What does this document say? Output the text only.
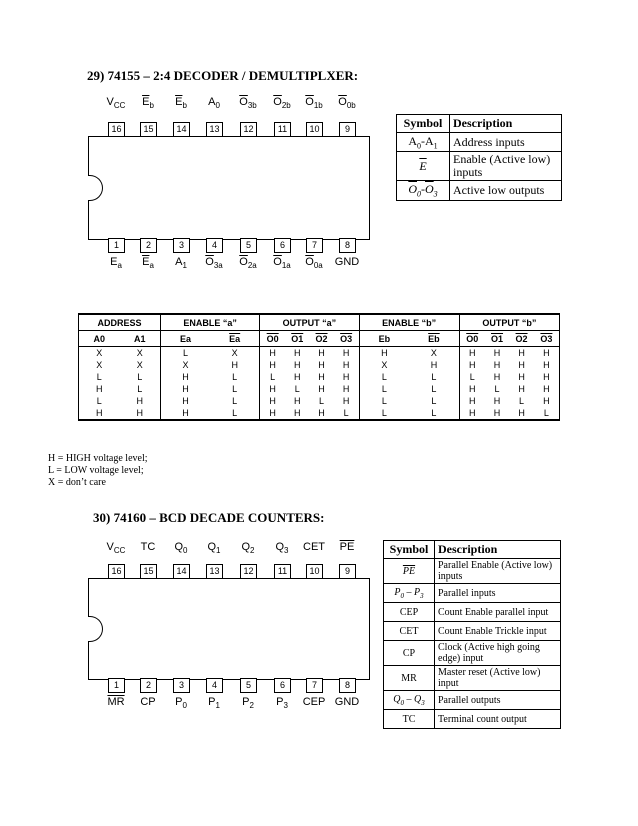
29) 74155 – 2:4 DECODER / DEMULTIPLXER:
16
$V_{CC}$
15
$\overline{E}_b$
14
$\overline{E}_b$
13
$A_0$
12
$\overline{O}_{3b}$
11
$\overline{O}_{2b}$
10
$\overline{O}_{1b}$
9
$\overline{O}_{0b}$
1
$E_a$
2
$\overline{E}_a$
3
$A_1$
4
$\overline{O}_{3a}$
5
$\overline{O}_{2a}$
6
$\overline{O}_{1a}$
7
$\overline{O}_{0a}$
8
GND
Symbol	Description
$A_0-A_1$	Address inputs
$\overline{E}$	Enable (Active low) inputs
$\overline{O}_0-\overline{O}_3$	Active low outputs
ADDRESS		ENABLE “a”		OUTPUT “a”				ENABLE “b”		OUTPUT “b”			
A0	A1	Ea	$\overline{Ea}$	O0	O1	O2	O3	Eb	$\overline{Eb}$	O0	O1	O2	O3
X	X	L	X	H	H	H	H	H	X	H	H	H	H
X	X	X	H	H	H	H	H	X	H	H	H	H	H
L	L	H	L	L	H	H	H	L	L	L	H	H	H
H	L	H	L	H	L	H	H	L	L	H	L	H	H
L	H	H	L	H	H	L	H	L	L	H	H	L	H
H	H	H	L	H	H	H	L	L	L	H	H	H	L
H = HIGH voltage level;
L = LOW voltage level;
X = don’t care
30) 74160 – BCD DECADE COUNTERS:
16
$V_{CC}$
15
TC
14
$Q_0$
13
$Q_1$
12
$Q_2$
11
$Q_3$
10
CET
9
$\overline{PE}$
1
$\overline{MR}$
2
CP
3
$P_0$
4
$P_1$
5
$P_2$
6
$P_3$
7
CEP
8
GND
Symbol	Description
$\overline{PE}$	Parallel Enable (Active low) inputs
$P_0 - P_3$	Parallel inputs
CEP	Count Enable parallel input
CET	Count Enable Trickle input
CP	Clock (Active high going edge) input
MR	Master reset (Active low) input
$Q_0 - Q_3$	Parallel outputs
TC	Terminal count output
